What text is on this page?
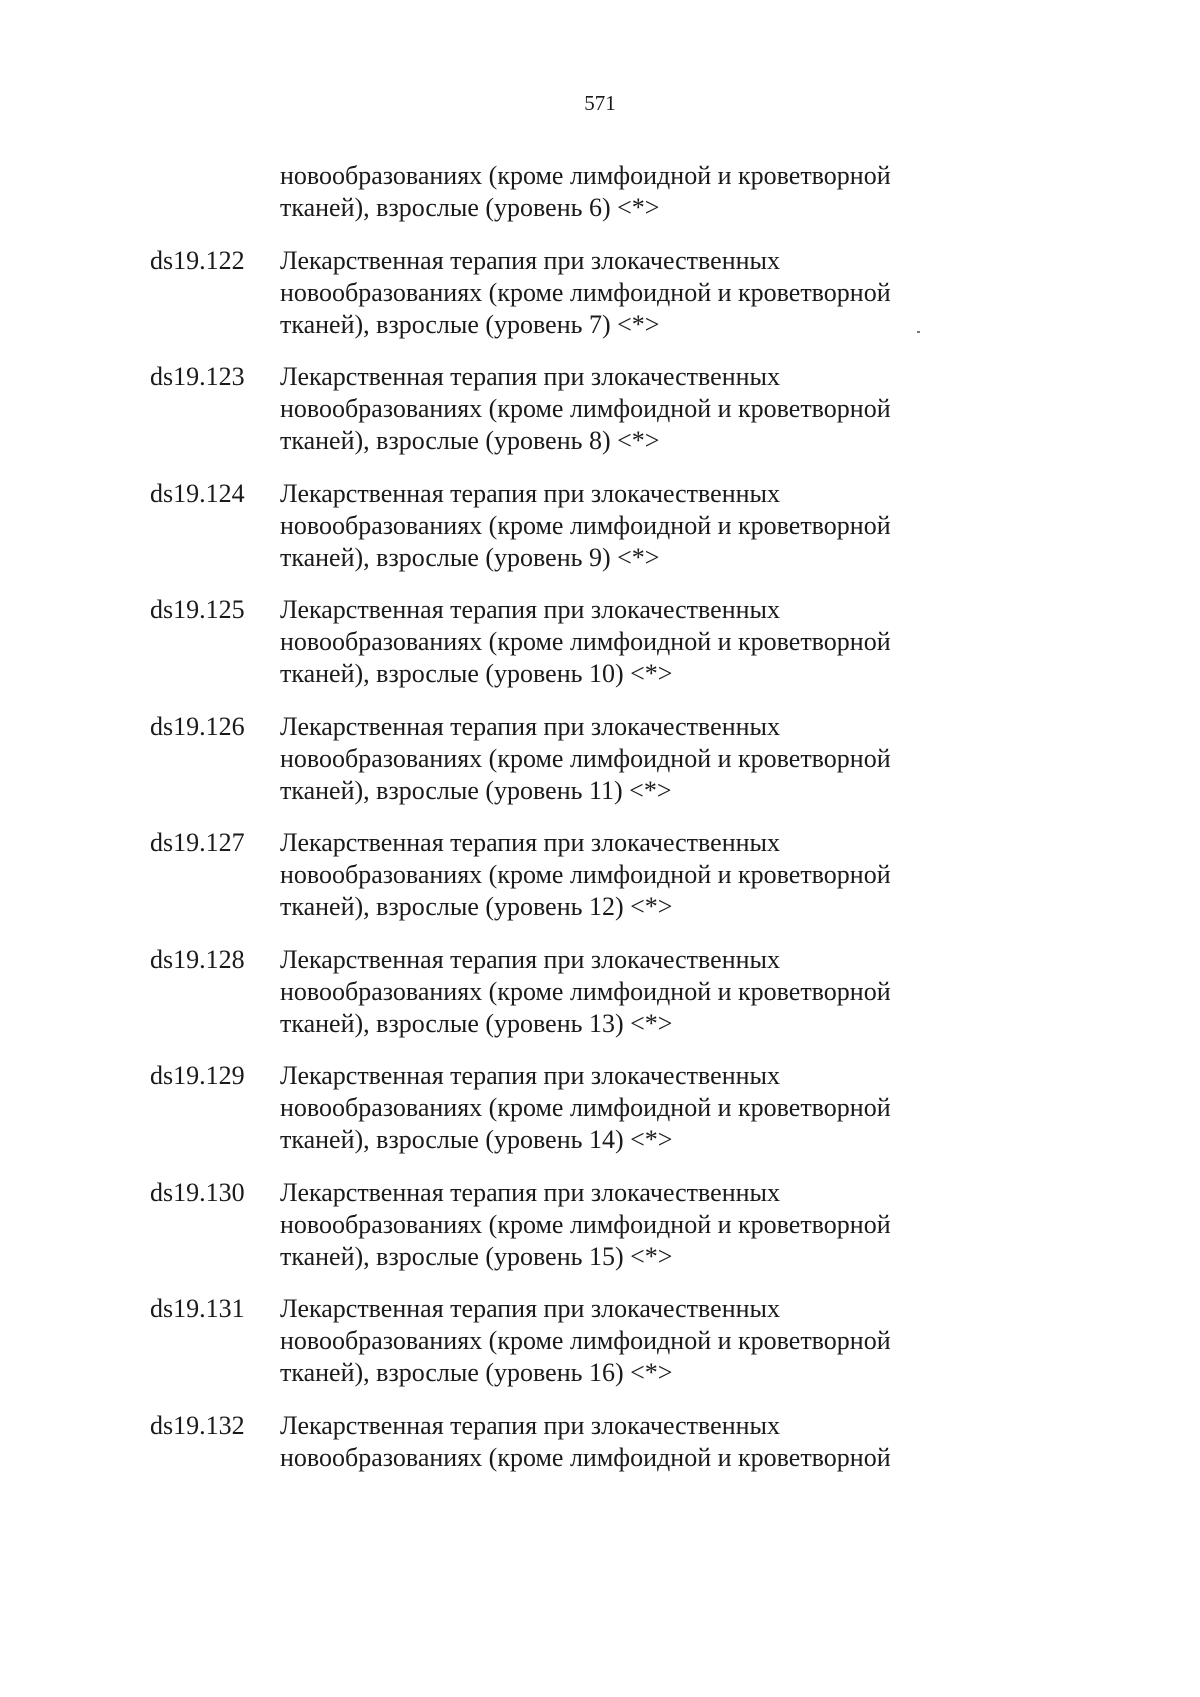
571
новообразованиях (кроме лимфоидной и кроветворной
тканей), взрослые (уровень 6) <*>
ds19.122	Лекарственная терапия при злокачественных
новообразованиях (кроме лимфоидной и кроветворной
тканей), взрослые (уровень 7) <*>
ds19.123	Лекарственная терапия при злокачественных
новообразованиях (кроме лимфоидной и кроветворной
тканей), взрослые (уровень 8) <*>
ds19.124	Лекарственная терапия при злокачественных
новообразованиях (кроме лимфоидной и кроветворной
тканей), взрослые (уровень 9) <*>
ds19.125	Лекарственная терапия при злокачественных
новообразованиях (кроме лимфоидной и кроветворной
тканей), взрослые (уровень 10) <*>
ds19.126	Лекарственная терапия при злокачественных
новообразованиях (кроме лимфоидной и кроветворной
тканей), взрослые (уровень 11) <*>
ds19.127	Лекарственная терапия при злокачественных
новообразованиях (кроме лимфоидной и кроветворной
тканей), взрослые (уровень 12) <*>
ds19.128	Лекарственная терапия при злокачественных
новообразованиях (кроме лимфоидной и кроветворной
тканей), взрослые (уровень 13) <*>
ds19.129	Лекарственная терапия при злокачественных
новообразованиях (кроме лимфоидной и кроветворной
тканей), взрослые (уровень 14) <*>
ds19.130	Лекарственная терапия при злокачественных
новообразованиях (кроме лимфоидной и кроветворной
тканей), взрослые (уровень 15) <*>
ds19.131	Лекарственная терапия при злокачественных
новообразованиях (кроме лимфоидной и кроветворной
тканей), взрослые (уровень 16) <*>
ds19.132	Лекарственная терапия при злокачественных
новообразованиях (кроме лимфоидной и кроветворной
